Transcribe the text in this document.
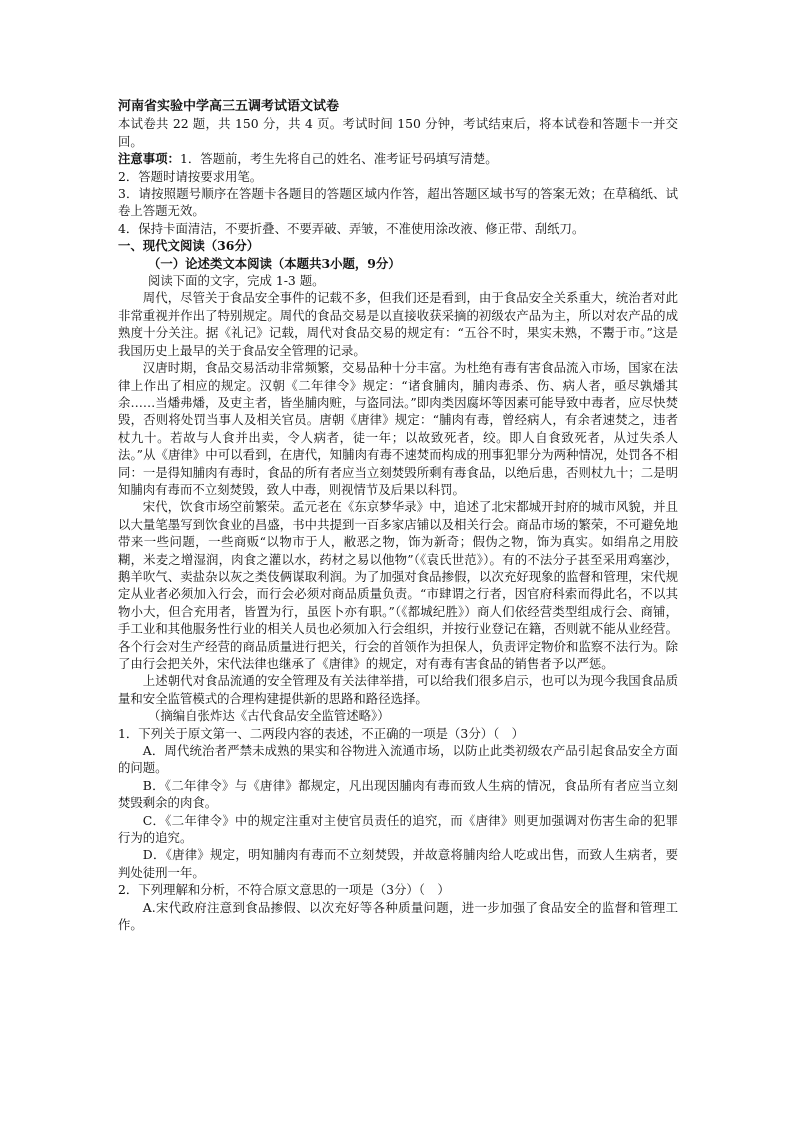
河南省实验中学高三五调考试语文试卷
本试卷共 22 题，共 150 分，共 4 页。考试时间 150 分钟，考试结束后，将本试卷和答题卡一并交回。
注意事项：1．答题前，考生先将自己的姓名、准考证号码填写清楚。
2．答题时请按要求用笔。
3．请按照题号顺序在答题卡各题目的答题区域内作答，超出答题区域书写的答案无效；在草稿纸、试卷上答题无效。
4．保持卡面清洁，不要折叠、不要弄破、弄皱，不准使用涂改液、修正带、刮纸刀。
一、现代文阅读（36分）
（一）论述类文本阅读（本题共3小题，9分）
阅读下面的文字，完成 1-3 题。
周代，尽管关于食品安全事件的记载不多，但我们还是看到，由于食品安全关系重大，统治者对此非常重视并作出了特别规定。周代的食品交易是以直接收获采摘的初级农产品为主，所以对农产品的成熟度十分关注。据《礼记》记载，周代对食品交易的规定有：“五谷不时，果实未熟，不鬻于市。”这是我国历史上最早的关于食品安全管理的记录。
汉唐时期，食品交易活动非常频繁，交易品种十分丰富。为杜绝有毒有害食品流入市场，国家在法律上作出了相应的规定。汉朝《二年律令》规定：“诸食脯肉，脯肉毒杀、伤、病人者，亟尽孰燔其余……当燔弗燔，及吏主者，皆坐脯肉赃，与盗同法。”即肉类因腐坏等因素可能导致中毒者，应尽快焚毁，否则将处罚当事人及相关官员。唐朝《唐律》规定：“脯肉有毒，曾经病人，有余者速焚之，违者杖九十。若故与人食并出卖，令人病者，徒一年；以故致死者，绞。即人自食致死者，从过失杀人法。”从《唐律》中可以看到，在唐代，知脯肉有毒不速焚而构成的刑事犯罪分为两种情况，处罚各不相同：一是得知脯肉有毒时，食品的所有者应当立刻焚毁所剩有毒食品，以绝后患，否则杖九十；二是明知脯肉有毒而不立刻焚毁，致人中毒，则视情节及后果以科罚。
宋代，饮食市场空前繁荣。孟元老在《东京梦华录》中，追述了北宋都城开封府的城市风貌，并且以大量笔墨写到饮食业的昌盛，书中共提到一百多家店铺以及相关行会。商品市场的繁荣，不可避免地带来一些问题，一些商贩“以物市于人，敝恶之物，饰为新奇；假伪之物，饰为真实。如绢帛之用胶糊，米麦之增湿润，肉食之灌以水，药材之易以他物”（《袁氏世范》）。有的不法分子甚至采用鸡塞沙，鹅羊吹气、卖盐杂以灰之类伎俩谋取利润。为了加强对食品掺假，以次充好现象的监督和管理，宋代规定从业者必须加入行会，而行会必须对商品质量负责。“市肆谓之行者，因官府科索而得此名，不以其物小大，但合充用者，皆置为行，虽医卜亦有职。”（《都城纪胜》）商人们依经营类型组成行会、商铺，手工业和其他服务性行业的相关人员也必须加入行会组织，并按行业登记在籍，否则就不能从业经营。各个行会对生产经营的商品质量进行把关，行会的首领作为担保人，负责评定物价和监察不法行为。除了由行会把关外，宋代法律也继承了《唐律》的规定，对有毒有害食品的销售者予以严惩。
上述朝代对食品流通的安全管理及有关法律举措，可以给我们很多启示，也可以为现今我国食品质量和安全监管模式的合理构建提供新的思路和路径选择。
（摘编自张炸达《古代食品安全监管述略》）
1．下列关于原文第一、二两段内容的表述，不正确的一项是（3分）（　）
A．周代统治者严禁未成熟的果实和谷物进入流通市场，以防止此类初级农产品引起食品安全方面的问题。
B．《二年律令》与《唐律》都规定，凡出现因脯肉有毒而致人生病的情况，食品所有者应当立刻焚毁剩余的肉食。
C．《二年律令》中的规定注重对主使官员责任的追究，而《唐律》则更加强调对伤害生命的犯罪行为的追究。
D．《唐律》规定，明知脯肉有毒而不立刻焚毁，并故意将脯肉给人吃或出售，而致人生病者，要判处徒刑一年。
2．下列理解和分析，不符合原文意思的一项是（3分）（　）
A.宋代政府注意到食品掺假、以次充好等各种质量问题，进一步加强了食品安全的监督和管理工作。
